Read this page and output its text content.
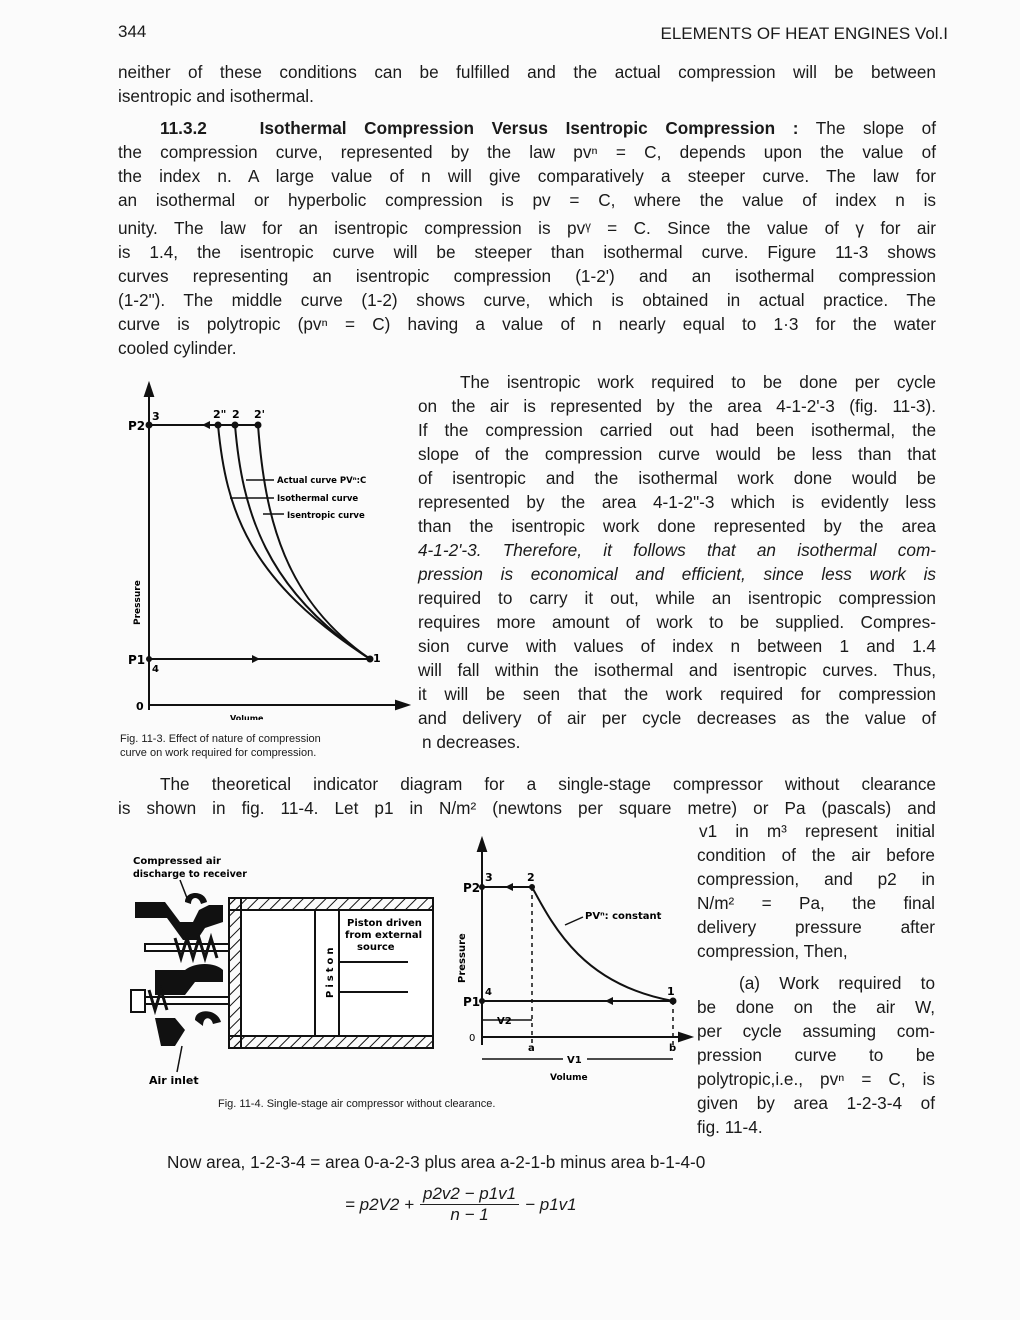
344	ELEMENTS OF HEAT ENGINES Vol.I
neither of these conditions can be fulfilled and the actual compression will be between
isentropic and isothermal.
11.3.2	Isothermal Compression Versus Isentropic Compression : The slope of
the compression curve, represented by the law pvⁿ = C, depends upon the value of
the index n. A large value of n will give comparatively a steeper curve. The law for
an isothermal or hyperbolic compression is pv = C, where the value of index n is
unity. The law for an isentropic compression is pvᵞ = C. Since the value of γ for air
is 1.4, the isentropic curve will be steeper than isothermal curve. Figure 11-3 shows
curves representing an isentropic compression (1-2') and an isothermal compression
(1-2"). The middle curve (1-2) shows curve, which is obtained in actual practice. The
curve is polytropic (pvⁿ = C) having a value of n nearly equal to 1·3 for the water
cooled cylinder.
P2
3	2" 2 2'
Actual curve PVⁿ:C
Isothermal curve
Isentropic curve
P1
4
1
0
Volume
Pressure
Fig. 11-3. Effect of nature of compression
curve on work required for compression.
The isentropic work required to be done per cycle
on the air is represented by the area 4-1-2'-3 (fig. 11-3).
If the compression carried out had been isothermal, the
slope of the compression curve would be less than that
of isentropic and the isothermal work done would be
represented by the area 4-1-2"-3 which is evidently less
than the isentropic work done represented by the area
4-1-2'-3. Therefore, it follows that an isothermal com-
pression is economical and efficient, since less work is
required to carry it out, while an isentropic compression
requires more amount of work to be supplied. Compres-
sion curve with values of index n between 1 and 1.4
will fall within the isothermal and isentropic curves. Thus,
it will be seen that the work required for compression
and delivery of air per cycle decreases as the value of
n decreases.
The theoretical indicator diagram for a single-stage compressor without clearance
is shown in fig. 11-4. Let p1 in N/m² (newtons per square metre) or Pa (pascals) and
Compressed air
discharge to receiver
Air inlet
Piston
Piston driven
from external
source
P2
3	2
PVⁿ: constant
P1
4	1
V2
0
a	b
V1
Volume
Pressure
Fig. 11-4. Single-stage air compressor without clearance.
v1 in m³ represent initial
condition of the air before
compression, and p2 in
N/m² = Pa, the final
delivery pressure after
compression, Then,
(a) Work required to
be done on the air W,
per cycle assuming com-
pression curve to be
polytropic,i.e., pvⁿ = C, is
given by area 1-2-3-4 of
fig. 11-4.
Now area, 1-2-3-4 = area 0-a-2-3 plus area a-2-1-b minus area b-1-4-0
= $p2V2 + \frac{p2v2 - p1v1}{n - 1} - p1v1$
